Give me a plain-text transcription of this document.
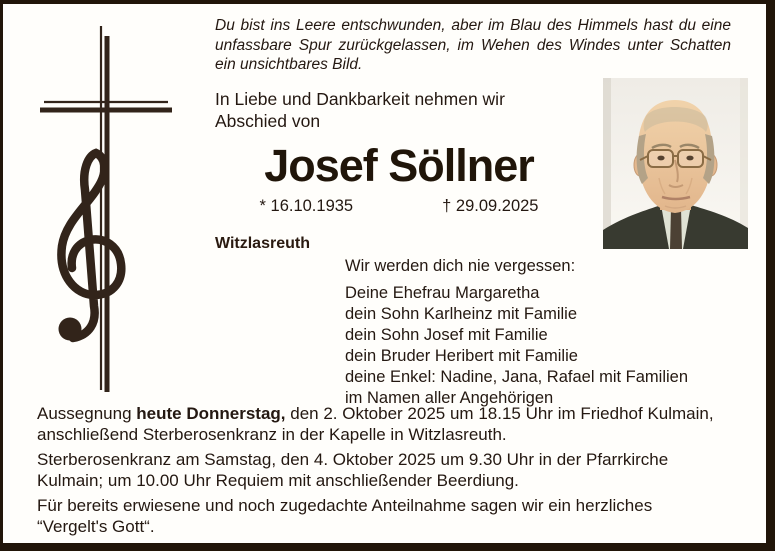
Du bist ins Leere entschwunden, aber im Blau des Himmels hast du eine unfassbare Spur zurückgelassen, im Wehen des Windes unter Schatten ein unsichtbares Bild.
In Liebe und Dankbarkeit nehmen wir
Abschied von
Josef Söllner
* 16.10.1935	† 29.09.2025
Witzlasreuth
Wir werden dich nie vergessen:
Deine Ehefrau Margaretha
dein Sohn Karlheinz mit Familie
dein Sohn Josef mit Familie
dein Bruder Heribert mit Familie
deine Enkel: Nadine, Jana, Rafael mit Familien
im Namen aller Angehörigen

Aussegnung heute Donnerstag, den 2. Oktober 2025 um 18.15 Uhr im Friedhof Kulmain, anschließend Sterberosenkranz in der Kapelle in Witzlasreuth.

Sterberosenkranz am Samstag, den 4. Oktober 2025 um 9.30 Uhr in der Pfarrkirche Kulmain; um 10.00 Uhr Requiem mit anschließender Beerdiung.

Für bereits erwiesene und noch zugedachte Anteilnahme sagen wir ein herzliches “Vergelt's Gott“.
